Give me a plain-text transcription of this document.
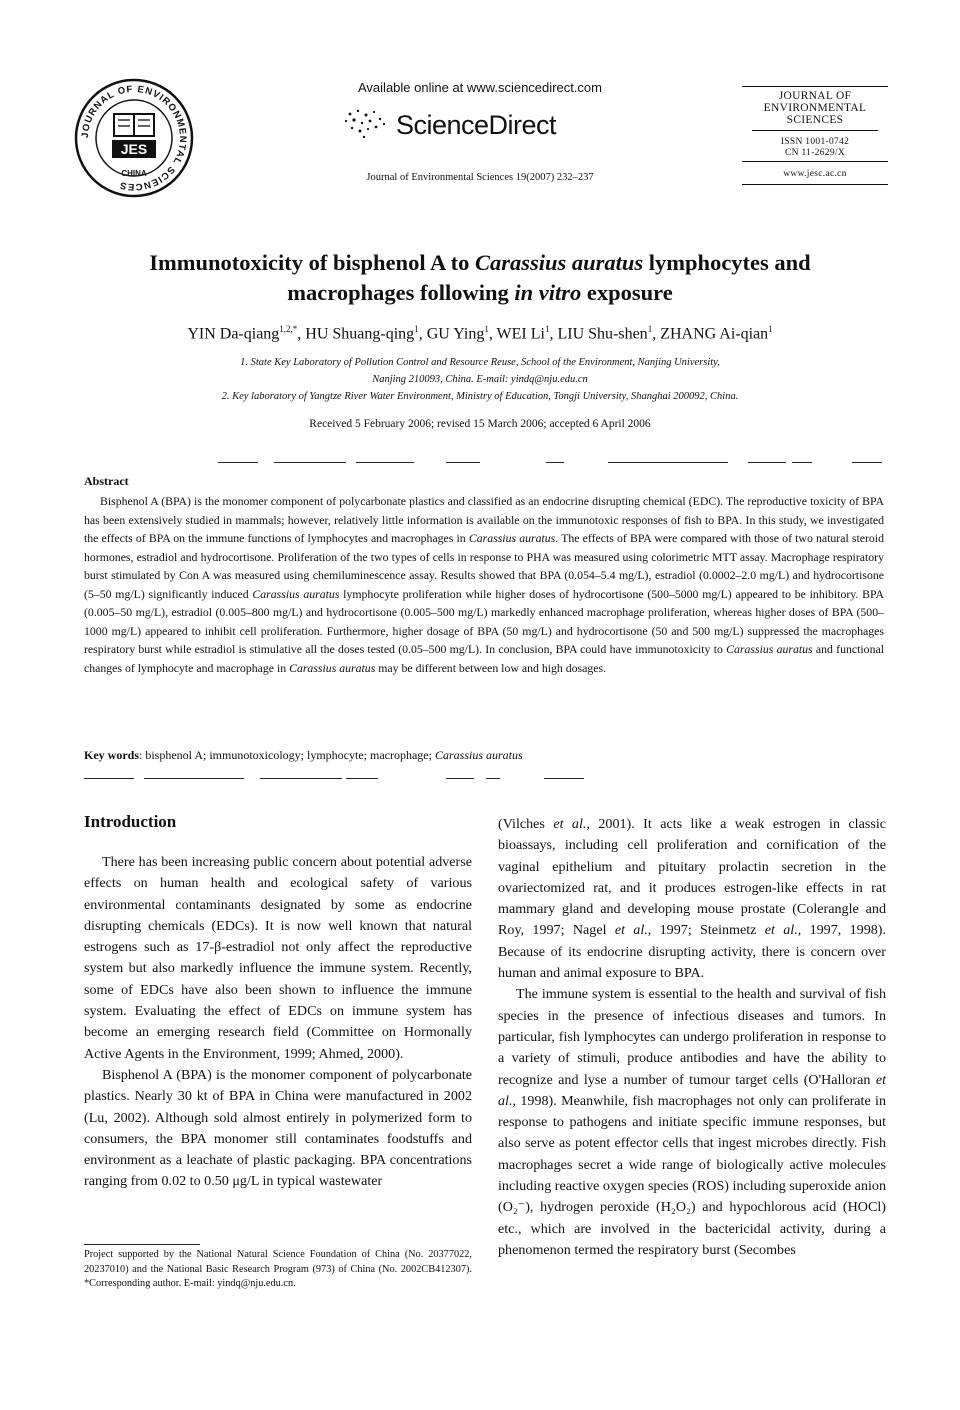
JOURNAL OF ENVIRONMENTAL SCIENCES
JES
CHINA
Available online at www.sciencedirect.com
ScienceDirect
Journal of Environmental Sciences 19(2007) 232–237
JOURNAL OF
ENVIRONMENTAL
SCIENCES
ISSN 1001-0742
CN 11-2629/X
www.jesc.ac.cn
Immunotoxicity of bisphenol A to Carassius auratus lymphocytes and
macrophages following in vitro exposure
YIN Da-qiang$^{1,2,*}$, HU Shuang-qing$^1$, GU Ying$^1$, WEI Li$^1$, LIU Shu-shen$^1$, ZHANG Ai-qian$^1$
1. State Key Laboratory of Pollution Control and Resource Reuse, School of the Environment, Nanjing University,
Nanjing 210093, China. E-mail: yindq@nju.edu.cn
2. Key laboratory of Yangtze River Water Environment, Ministry of Education, Tongji University, Shanghai 200092, China.
Received 5 February 2006; revised 15 March 2006; accepted 6 April 2006
Abstract
Bisphenol A (BPA) is the monomer component of polycarbonate plastics and classified as an endocrine disrupting chemical (EDC). The reproductive toxicity of BPA has been extensively studied in mammals; however, relatively little information is available on the immunotoxic responses of fish to BPA. In this study, we investigated the effects of BPA on the immune functions of lymphocytes and macrophages in Carassius auratus. The effects of BPA were compared with those of two natural steroid hormones, estradiol and hydrocortisone. Proliferation of the two types of cells in response to PHA was measured using colorimetric MTT assay. Macrophage respiratory burst stimulated by Con A was measured using chemiluminescence assay. Results showed that BPA (0.054–5.4 mg/L), estradiol (0.0002–2.0 mg/L) and hydrocortisone (5–50 mg/L) significantly induced Carassius auratus lymphocyte proliferation while higher doses of hydrocortisone (500–5000 mg/L) appeared to be inhibitory. BPA (0.005–50 mg/L), estradiol (0.005–800 mg/L) and hydrocortisone (0.005–500 mg/L) markedly enhanced macrophage proliferation, whereas higher doses of BPA (500–1000 mg/L) appeared to inhibit cell proliferation. Furthermore, higher dosage of BPA (50 mg/L) and hydrocortisone (50 and 500 mg/L) suppressed the macrophages respiratory burst while estradiol is stimulative all the doses tested (0.05–500 mg/L). In conclusion, BPA could have immunotoxicity to Carassius auratus and functional changes of lymphocyte and macrophage in Carassius auratus may be different between low and high dosages.
Key words: bisphenol A; immunotoxicology; lymphocyte; macrophage; Carassius auratus
Introduction

There has been increasing public concern about potential adverse effects on human health and ecological safety of various environmental contaminants designated by some as endocrine disrupting chemicals (EDCs). It is now well known that natural estrogens such as 17-β-estradiol not only affect the reproductive system but also markedly influence the immune system. Recently, some of EDCs have also been shown to influence the immune system. Evaluating the effect of EDCs on immune system has become an emerging research field (Committee on Hormonally Active Agents in the Environment, 1999; Ahmed, 2000).

Bisphenol A (BPA) is the monomer component of polycarbonate plastics. Nearly 30 kt of BPA in China were manufactured in 2002 (Lu, 2002). Although sold almost entirely in polymerized form to consumers, the BPA monomer still contaminates foodstuffs and environment as a leachate of plastic packaging. BPA concentrations ranging from 0.02 to 0.50 μg/L in typical wastewater

(Vilches et al., 2001). It acts like a weak estrogen in classic bioassays, including cell proliferation and cornification of the vaginal epithelium and pituitary prolactin secretion in the ovariectomized rat, and it produces estrogen-like effects in rat mammary gland and developing mouse prostate (Colerangle and Roy, 1997; Nagel et al., 1997; Steinmetz et al., 1997, 1998). Because of its endocrine disrupting activity, there is concern over human and animal exposure to BPA.

The immune system is essential to the health and survival of fish species in the presence of infectious diseases and tumors. In particular, fish lymphocytes can undergo proliferation in response to a variety of stimuli, produce antibodies and have the ability to recognize and lyse a number of tumour target cells (O'Halloran et al., 1998). Meanwhile, fish macrophages not only can proliferate in response to pathogens and initiate specific immune responses, but also serve as potent effector cells that ingest microbes directly. Fish macrophages secret a wide range of biologically active molecules including reactive oxygen species (ROS) including superoxide anion (O₂⁻), hydrogen peroxide (H₂O₂) and hypochlorous acid (HOCl) etc., which are involved in the bactericidal activity, during a phenomenon termed the respiratory burst (Secombes

Project supported by the National Natural Science Foundation of China (No. 20377022, 20237010) and the National Basic Research Program (973) of China (No. 2002CB412307). *Corresponding author. E-mail: yindq@nju.edu.cn.
